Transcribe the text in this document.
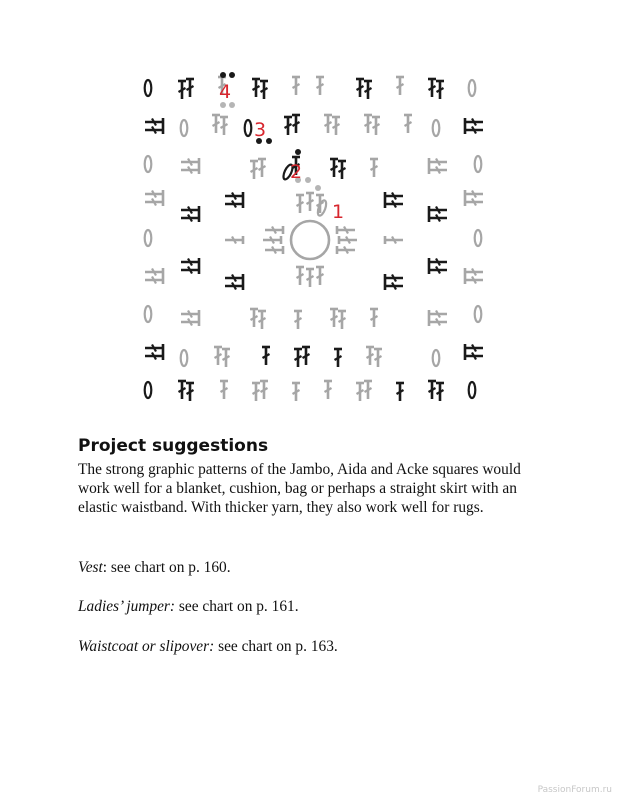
1
2
3
4
Project suggestions

The strong graphic patterns of the Jambo, Aida and Acke squares would work well for a blanket, cushion, bag or perhaps a straight skirt with an elastic waistband. With thicker yarn, they also work well for rugs.

Vest: see chart on p. 160.

Ladies’ jumper: see chart on p. 161.

Waistcoat or slipover: see chart on p. 163.

PassionForum.ru
